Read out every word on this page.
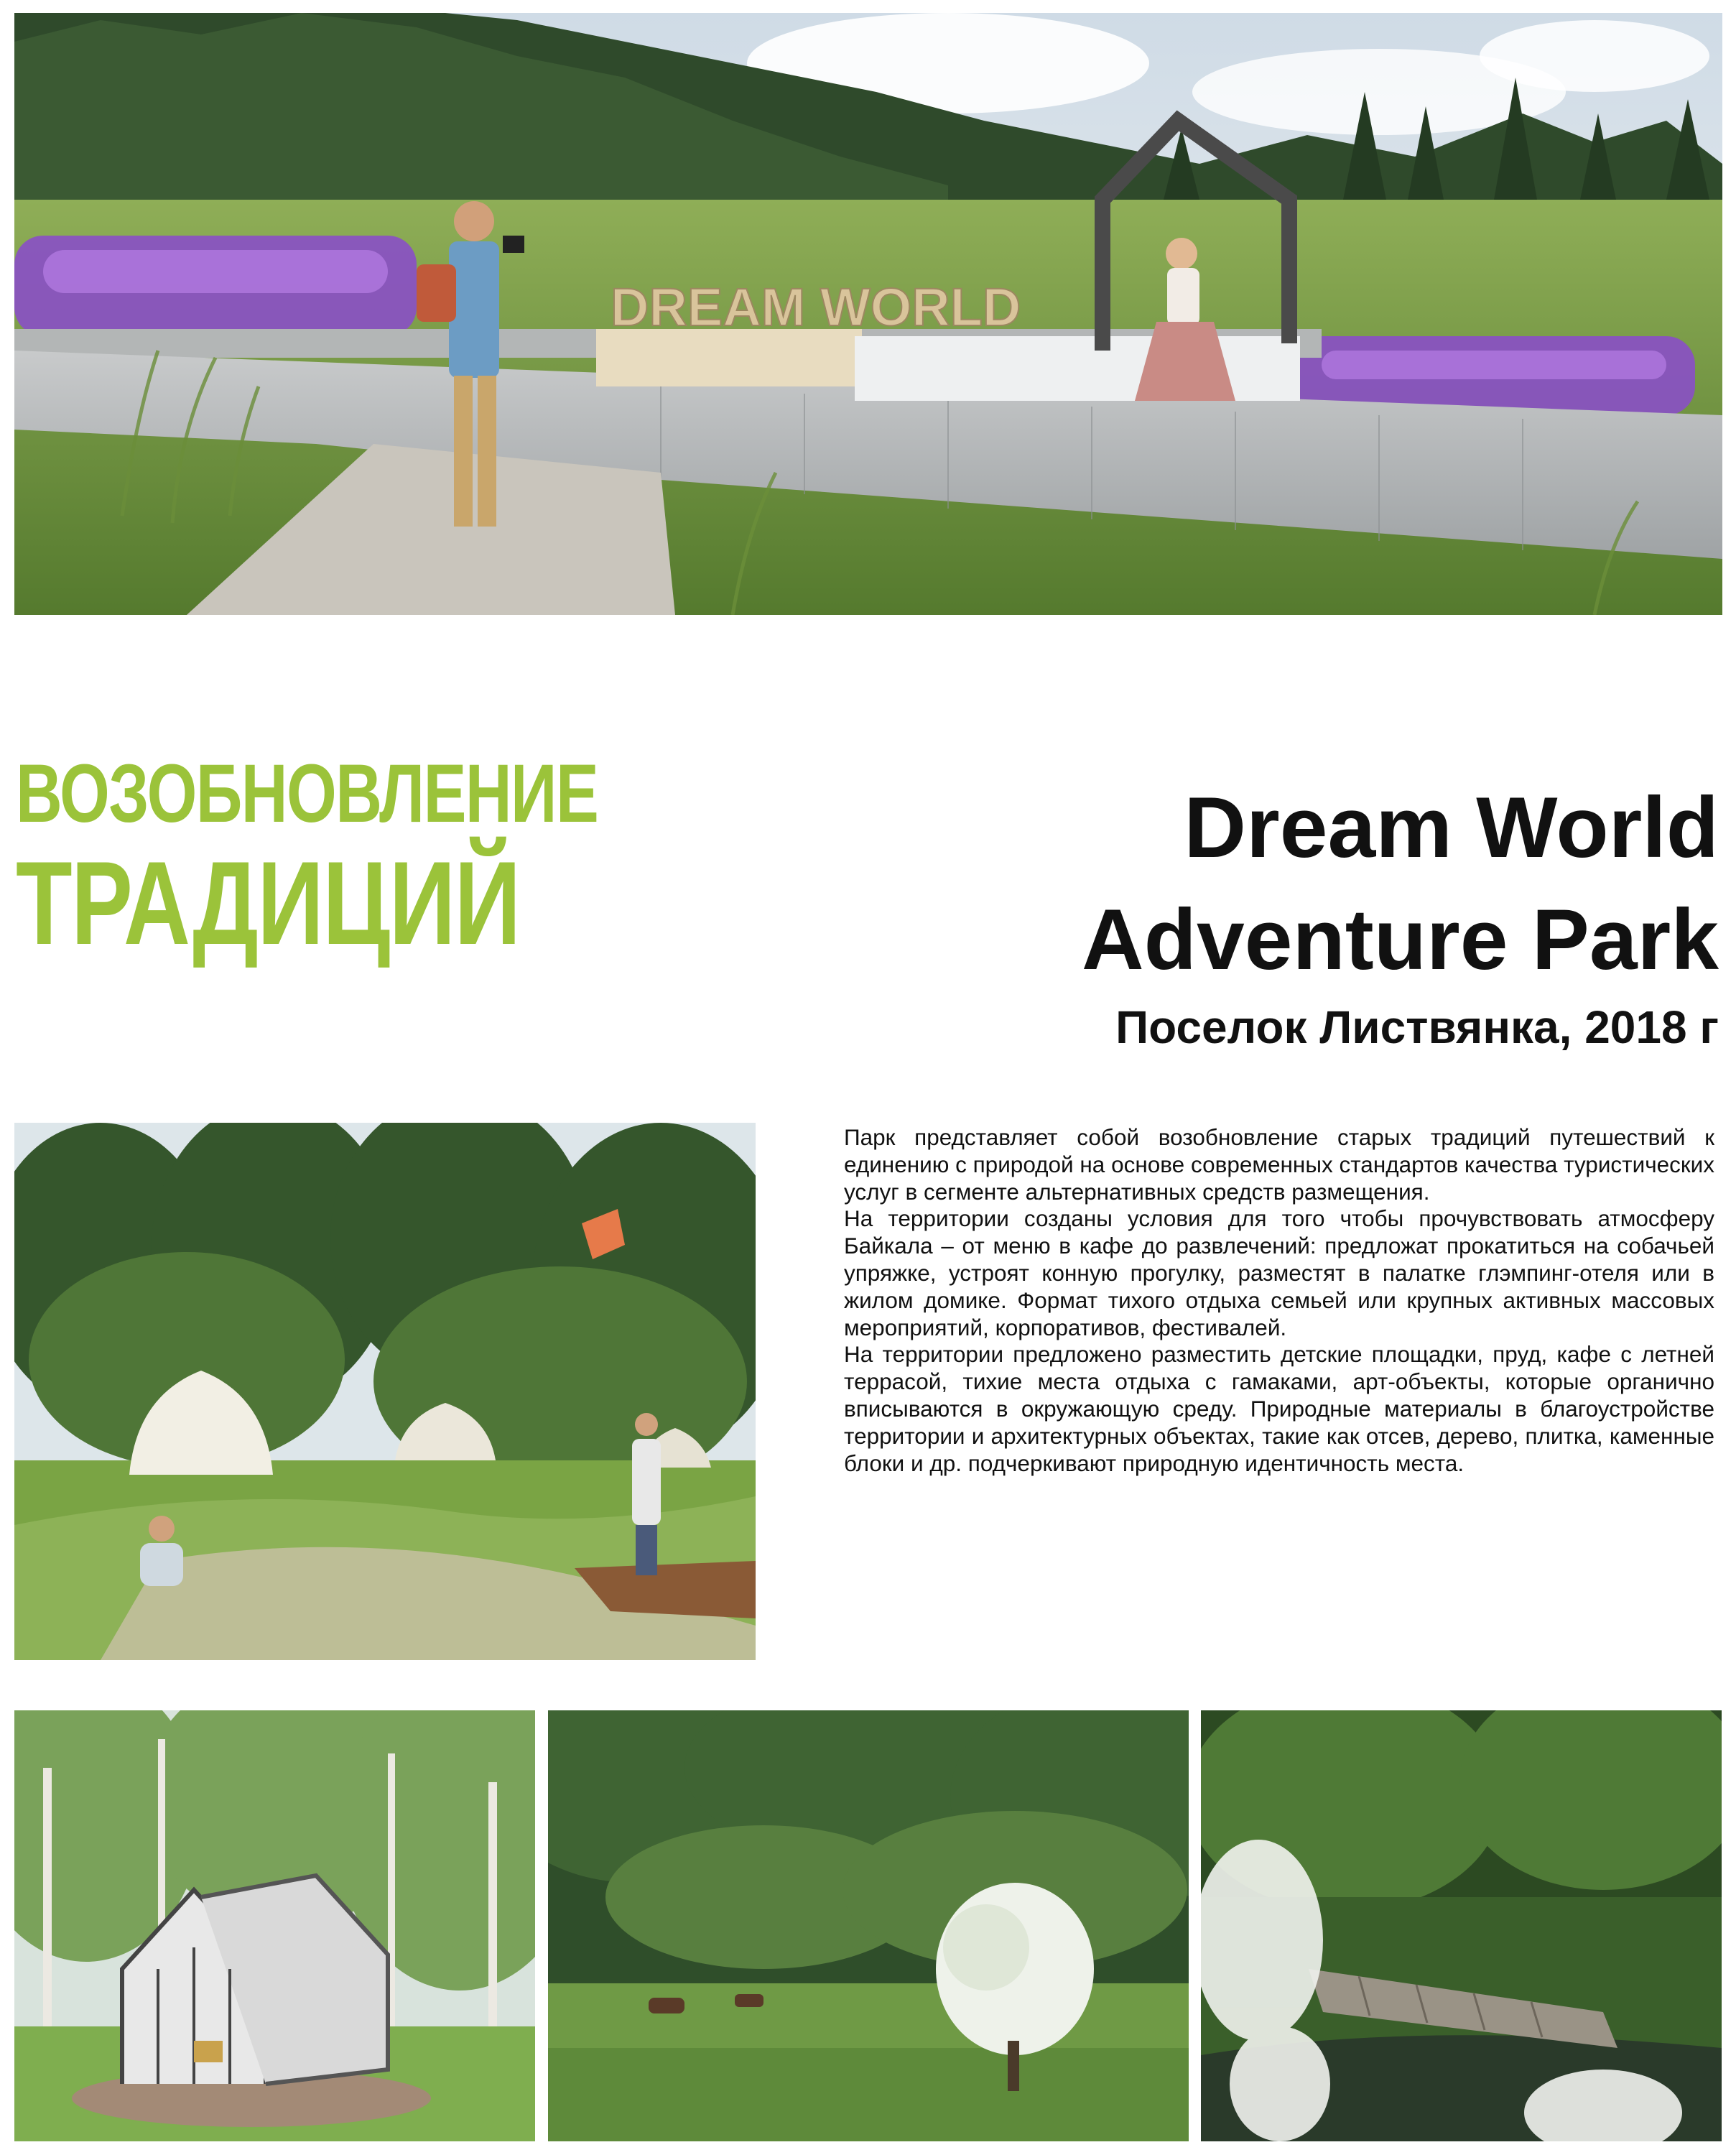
DREAM WORLD
ВОЗОБНОВЛЕНИЕ
ТРАДИЦИЙ
Dream World
Adventure Park
Поселок Листвянка, 2018 г

Парк представляет собой возобновление старых традиций путешествий к единению с природой на основе современных стандартов качества туристических услуг в сегменте альтернативных средств размещения.

На территории созданы условия для того чтобы прочувствовать атмосферу Байкала – от меню в кафе до развлечений: предложат прокатиться на собачьей упряжке, устроят конную прогулку, разместят в палатке глэмпинг-отеля или в жилом домике. Формат тихого отдыха семьей или крупных активных массовых мероприятий, корпоративов, фестивалей.

На территории предложено разместить детские площадки, пруд, кафе с летней террасой, тихие места отдыха с гамаками, арт-объекты, которые органично вписываются в окружающую среду. Природные материалы в благоустройстве территории и архитектурных объектах, такие как отсев, дерево, плитка, каменные блоки и др. подчеркивают природную идентичность места.
